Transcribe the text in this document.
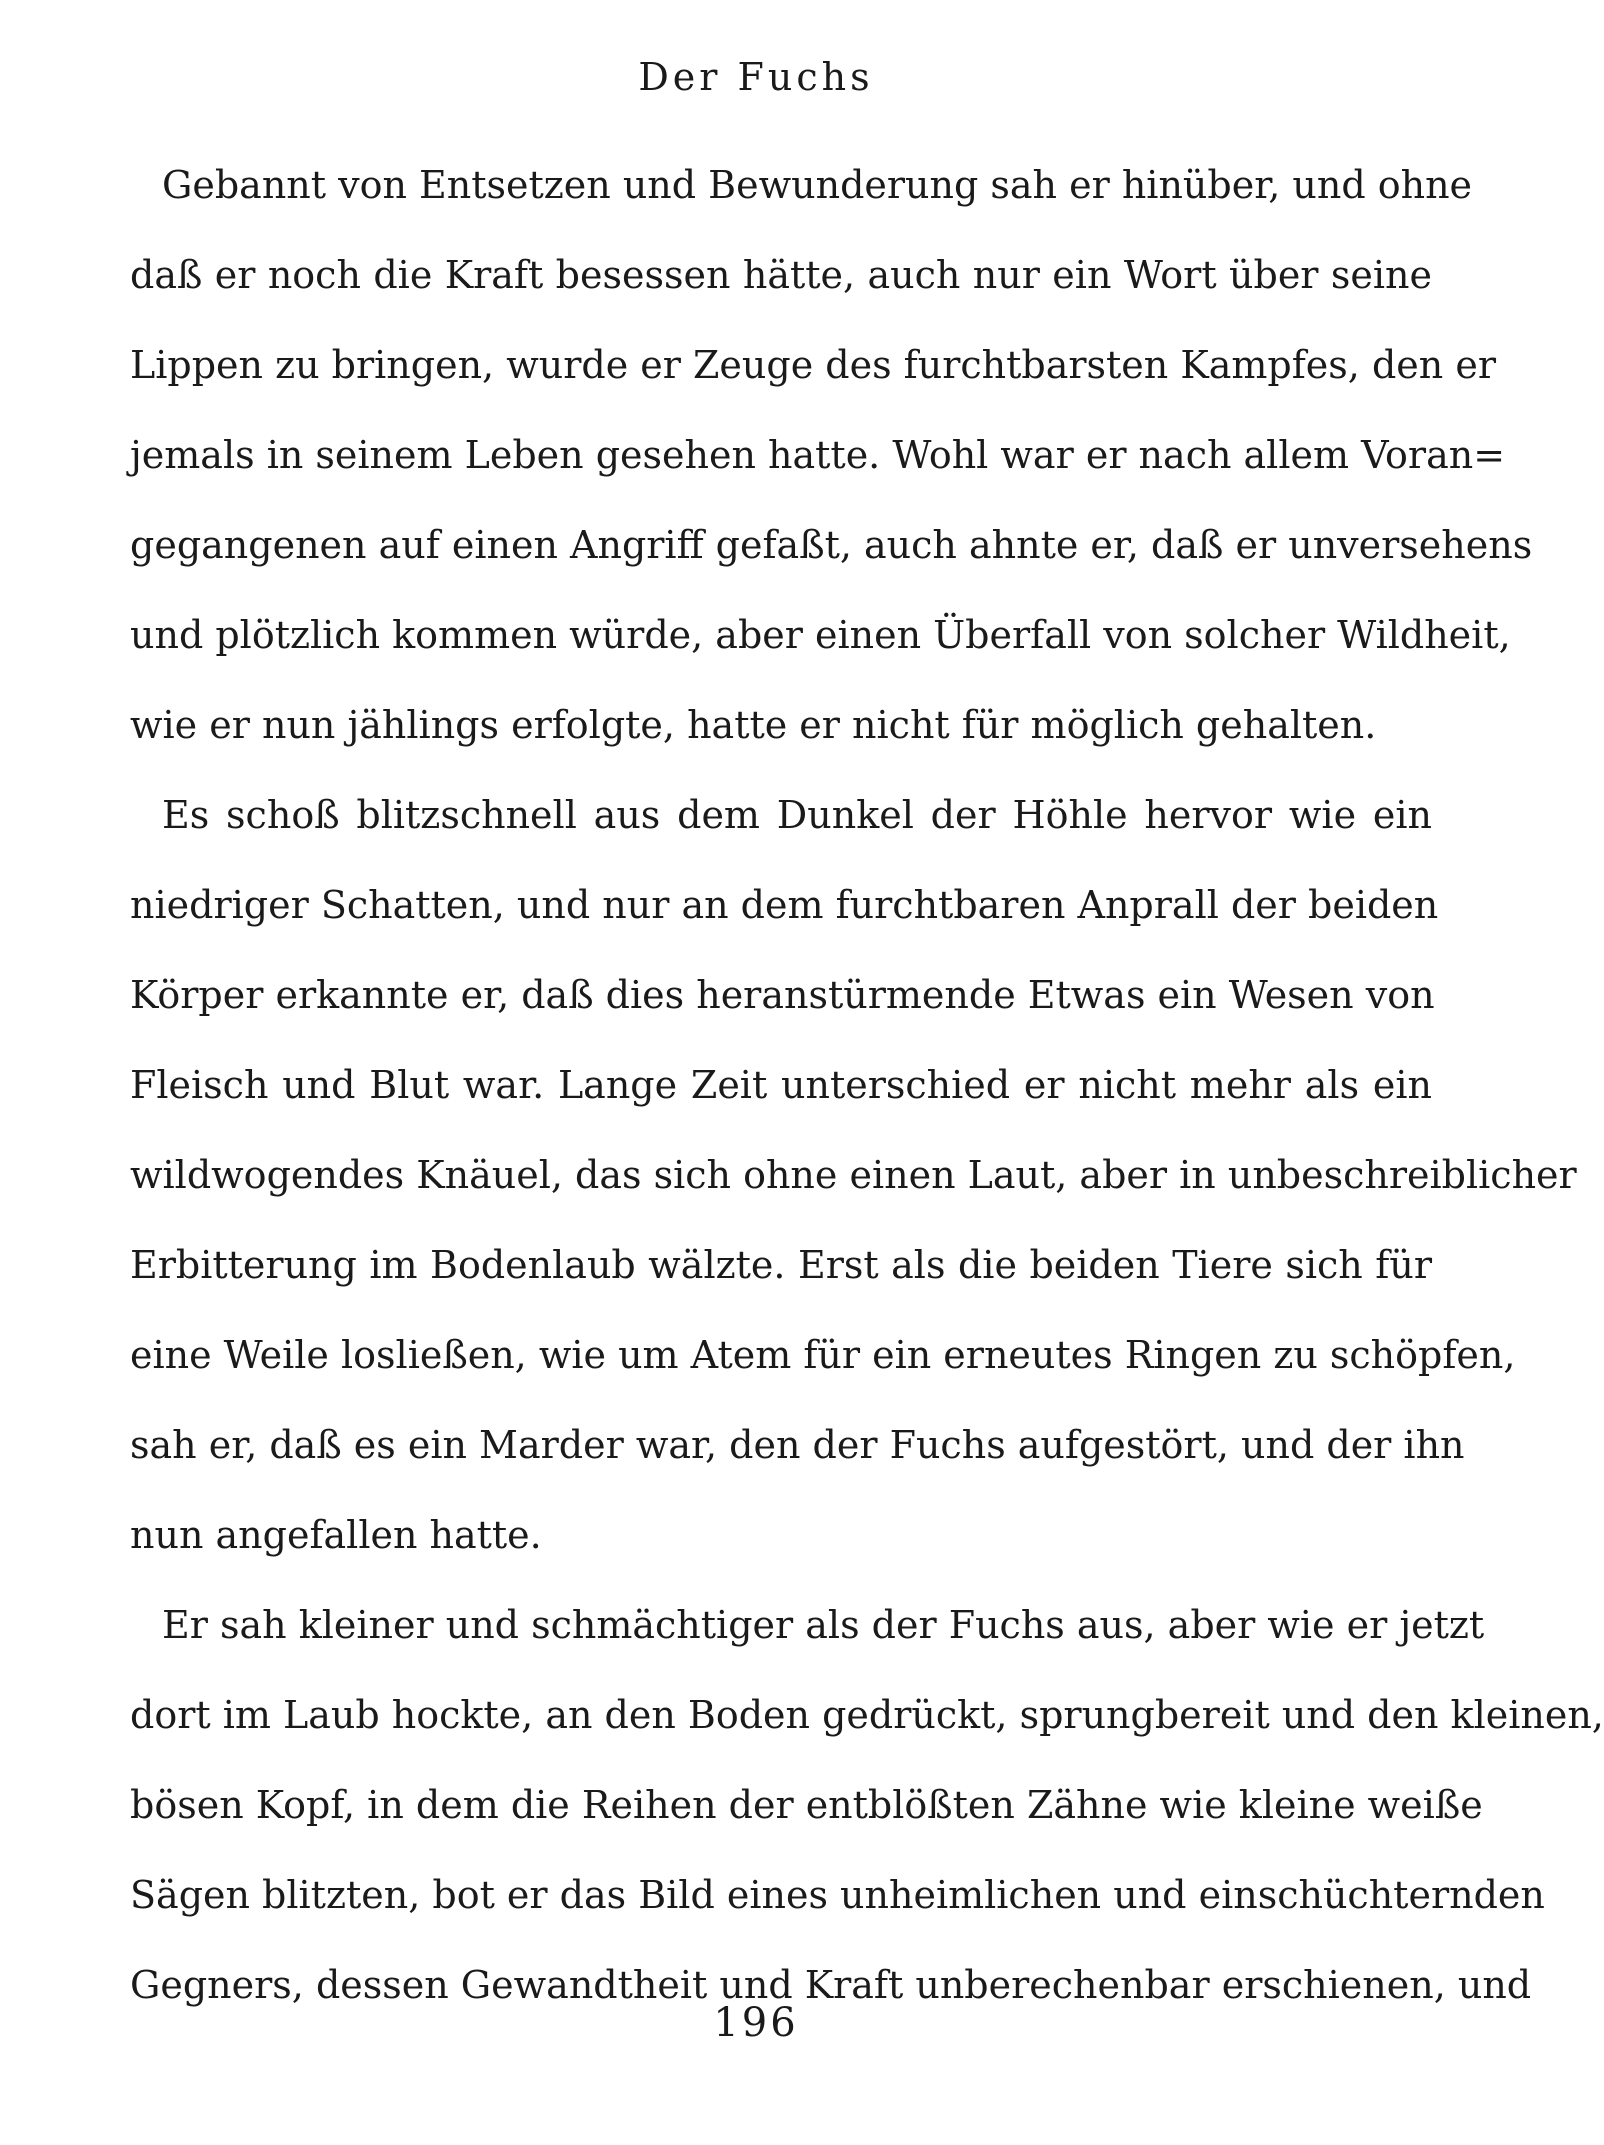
Der Fuchs
Gebannt von Entsetzen und Bewunderung sah er hinüber, und ohne
daß er noch die Kraft besessen hätte, auch nur ein Wort über seine
Lippen zu bringen, wurde er Zeuge des furchtbarsten Kampfes, den er
jemals in seinem Leben gesehen hatte. Wohl war er nach allem Voran=
gegangenen auf einen Angriff gefaßt, auch ahnte er, daß er unversehens
und plötzlich kommen würde, aber einen Überfall von solcher Wildheit,
wie er nun jählings erfolgte, hatte er nicht für möglich gehalten.
Es schoß blitzschnell aus dem Dunkel der Höhle hervor wie ein
niedriger Schatten, und nur an dem furchtbaren Anprall der beiden
Körper erkannte er, daß dies heranstürmende Etwas ein Wesen von
Fleisch und Blut war. Lange Zeit unterschied er nicht mehr als ein
wildwogendes Knäuel, das sich ohne einen Laut, aber in unbeschreiblicher
Erbitterung im Bodenlaub wälzte. Erst als die beiden Tiere sich für
eine Weile losließen, wie um Atem für ein erneutes Ringen zu schöpfen,
sah er, daß es ein Marder war, den der Fuchs aufgestört, und der ihn
nun angefallen hatte.
Er sah kleiner und schmächtiger als der Fuchs aus, aber wie er jetzt
dort im Laub hockte, an den Boden gedrückt, sprungbereit und den kleinen,
bösen Kopf, in dem die Reihen der entblößten Zähne wie kleine weiße
Sägen blitzten, bot er das Bild eines unheimlichen und einschüchternden
Gegners, dessen Gewandtheit und Kraft unberechenbar erschienen, und
196
